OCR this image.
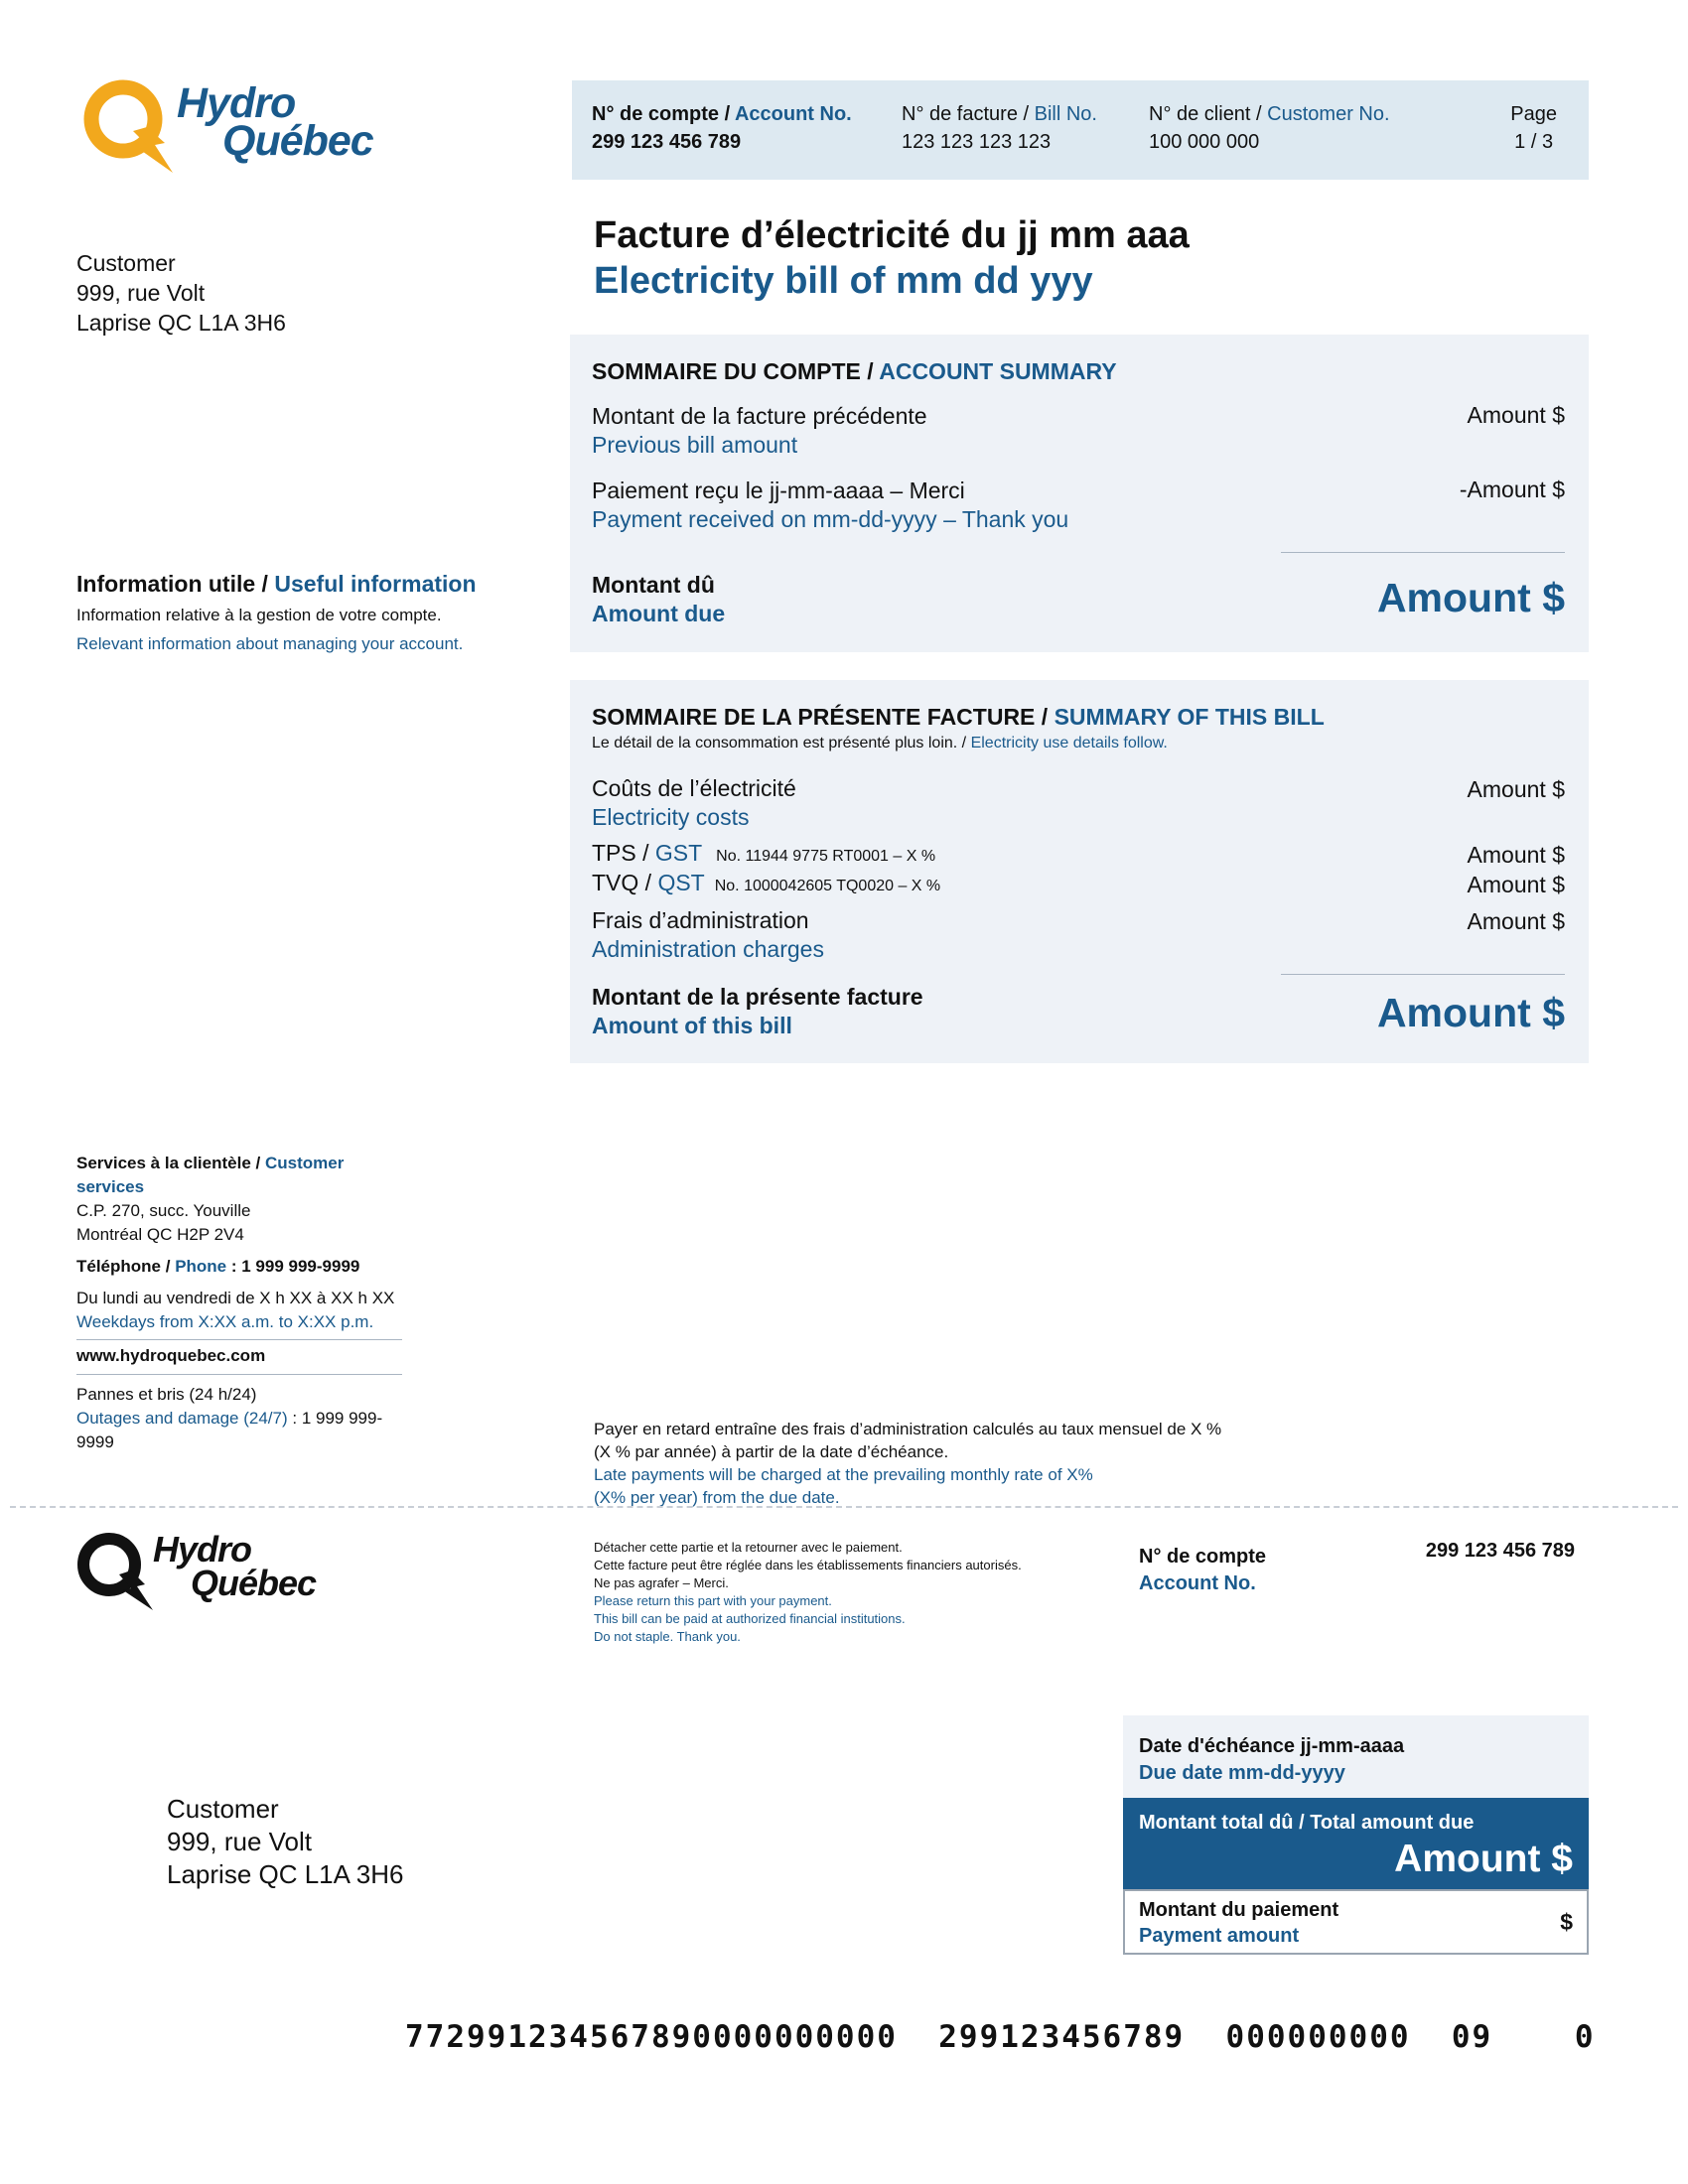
Hydro
Québec
N° de compte / Account No.
299 123 456 789
N° de facture / Bill No.
123 123 123 123
N° de client / Customer No.
100 000 000
Page
1 / 3
Customer
999, rue Volt
Laprise QC L1A 3H6
Facture d’électricité du jj mm aaa
Electricity bill of mm dd yyy
Information utile / Useful information
Information relative à la gestion de votre compte.
Relevant information about managing your account.
SOMMAIRE DU COMPTE / ACCOUNT SUMMARY
Montant de la facture précédente
Previous bill amount
Amount $
Paiement reçu le jj-mm-aaaa – Merci
Payment received on mm-dd-yyyy – Thank you
-Amount $
Montant dû
Amount due	Amount $
SOMMAIRE DE LA PRÉSENTE FACTURE / SUMMARY OF THIS BILL
Le détail de la consommation est présenté plus loin. / Electricity use details follow.
Coûts de l’électricité
Electricity costs
Amount $
TPS / GST No. 11944 9775 RT0001 – X %	Amount $
TVQ / QST No. 1000042605 TQ0020 – X %	Amount $
Frais d’administration
Administration charges
Amount $
Montant de la présente facture
Amount of this bill	Amount $
Services à la clientèle / Customer services
C.P. 270, succ. Youville
Montréal QC H2P 2V4
Téléphone / Phone : 1 999 999-9999
Du lundi au vendredi de X h XX à XX h XX
Weekdays from X:XX a.m. to X:XX p.m.
www.hydroquebec.com
Pannes et bris (24 h/24)
Outages and damage (24/7) : 1 999 999-9999
Payer en retard entraîne des frais d’administration calculés au taux mensuel de X %
(X % par année) à partir de la date d’échéance.
Late payments will be charged at the prevailing monthly rate of X%
(X% per year) from the due date.
Hydro
Québec
Détacher cette partie et la retourner avec le paiement.
Cette facture peut être réglée dans les établissements financiers autorisés.
Ne pas agrafer – Merci.
Please return this part with your payment.
This bill can be paid at authorized financial institutions.
Do not staple. Thank you.
N° de compte
Account No.
299 123 456 789
Customer
999, rue Volt
Laprise QC L1A 3H6
Date d'échéance jj-mm-aaaa
Due date mm-dd-yyyy
Montant total dû / Total amount due
Amount $
Montant du paiement
Payment amount
$
772991234567890000000000  299123456789  000000000  09    0
